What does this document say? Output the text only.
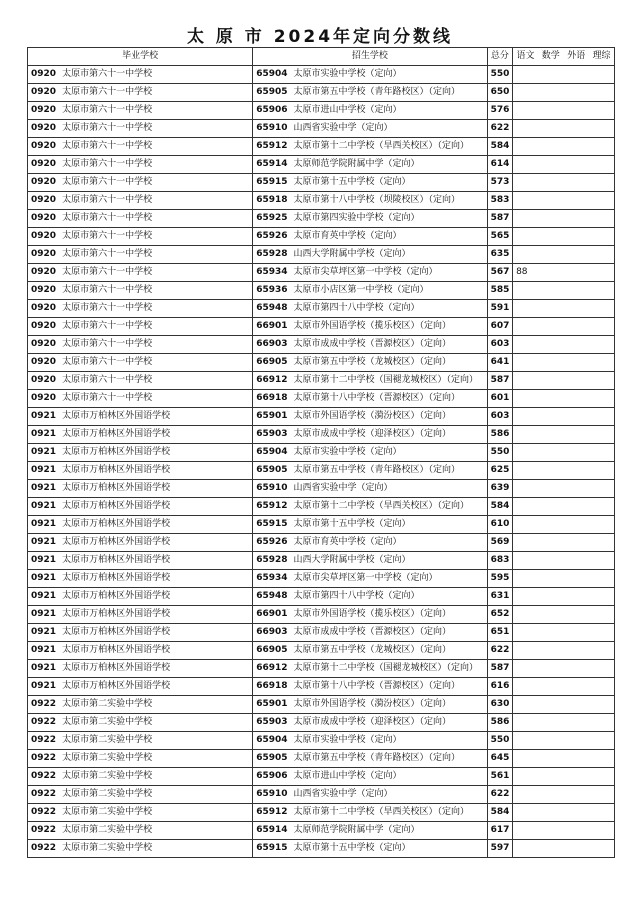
太 原 市 2024年定向分数线
毕业学校	招生学校	总分	语文	数学	外语	理综
0920 太原市第六十一中学校	65904 太原市实验中学校（定向）	550				
0920 太原市第六十一中学校	65905 太原市第五中学校（青年路校区）（定向）	650				
0920 太原市第六十一中学校	65906 太原市进山中学校（定向）	576				
0920 太原市第六十一中学校	65910 山西省实验中学（定向）	622				
0920 太原市第六十一中学校	65912 太原市第十二中学校（旱西关校区）（定向）	584				
0920 太原市第六十一中学校	65914 太原师范学院附属中学（定向）	614				
0920 太原市第六十一中学校	65915 太原市第十五中学校（定向）	573				
0920 太原市第六十一中学校	65918 太原市第十八中学校（坝陵校区）（定向）	583				
0920 太原市第六十一中学校	65925 太原市第四实验中学校（定向）	587				
0920 太原市第六十一中学校	65926 太原市育英中学校（定向）	565				
0920 太原市第六十一中学校	65928 山西大学附属中学校（定向）	635				
0920 太原市第六十一中学校	65934 太原市尖草坪区第一中学校（定向）	567	88			
0920 太原市第六十一中学校	65936 太原市小店区第一中学校（定向）	585				
0920 太原市第六十一中学校	65948 太原市第四十八中学校（定向）	591				
0920 太原市第六十一中学校	66901 太原市外国语学校（揽乐校区）（定向）	607				
0920 太原市第六十一中学校	66903 太原市成成中学校（晋源校区）（定向）	603				
0920 太原市第六十一中学校	66905 太原市第五中学校（龙城校区）（定向）	641				
0920 太原市第六十一中学校	66912 太原市第十二中学校（国褪龙城校区）（定向）	587				
0920 太原市第六十一中学校	66918 太原市第十八中学校（晋源校区）（定向）	601				
0921 太原市万柏林区外国语学校	65901 太原市外国语学校（漪汾校区）（定向）	603				
0921 太原市万柏林区外国语学校	65903 太原市成成中学校（迎泽校区）（定向）	586				
0921 太原市万柏林区外国语学校	65904 太原市实验中学校（定向）	550				
0921 太原市万柏林区外国语学校	65905 太原市第五中学校（青年路校区）（定向）	625				
0921 太原市万柏林区外国语学校	65910 山西省实验中学（定向）	639				
0921 太原市万柏林区外国语学校	65912 太原市第十二中学校（旱西关校区）（定向）	584				
0921 太原市万柏林区外国语学校	65915 太原市第十五中学校（定向）	610				
0921 太原市万柏林区外国语学校	65926 太原市育英中学校（定向）	569				
0921 太原市万柏林区外国语学校	65928 山西大学附属中学校（定向）	683				
0921 太原市万柏林区外国语学校	65934 太原市尖草坪区第一中学校（定向）	595				
0921 太原市万柏林区外国语学校	65948 太原市第四十八中学校（定向）	631				
0921 太原市万柏林区外国语学校	66901 太原市外国语学校（揽乐校区）（定向）	652				
0921 太原市万柏林区外国语学校	66903 太原市成成中学校（晋源校区）（定向）	651				
0921 太原市万柏林区外国语学校	66905 太原市第五中学校（龙城校区）（定向）	622				
0921 太原市万柏林区外国语学校	66912 太原市第十二中学校（国褪龙城校区）（定向）	587				
0921 太原市万柏林区外国语学校	66918 太原市第十八中学校（晋源校区）（定向）	616				
0922 太原市第二实验中学校	65901 太原市外国语学校（漪汾校区）（定向）	630				
0922 太原市第二实验中学校	65903 太原市成成中学校（迎泽校区）（定向）	586				
0922 太原市第二实验中学校	65904 太原市实验中学校（定向）	550				
0922 太原市第二实验中学校	65905 太原市第五中学校（青年路校区）（定向）	645				
0922 太原市第二实验中学校	65906 太原市进山中学校（定向）	561				
0922 太原市第二实验中学校	65910 山西省实验中学（定向）	622				
0922 太原市第二实验中学校	65912 太原市第十二中学校（旱西关校区）（定向）	584				
0922 太原市第二实验中学校	65914 太原师范学院附属中学（定向）	617				
0922 太原市第二实验中学校	65915 太原市第十五中学校（定向）	597				
